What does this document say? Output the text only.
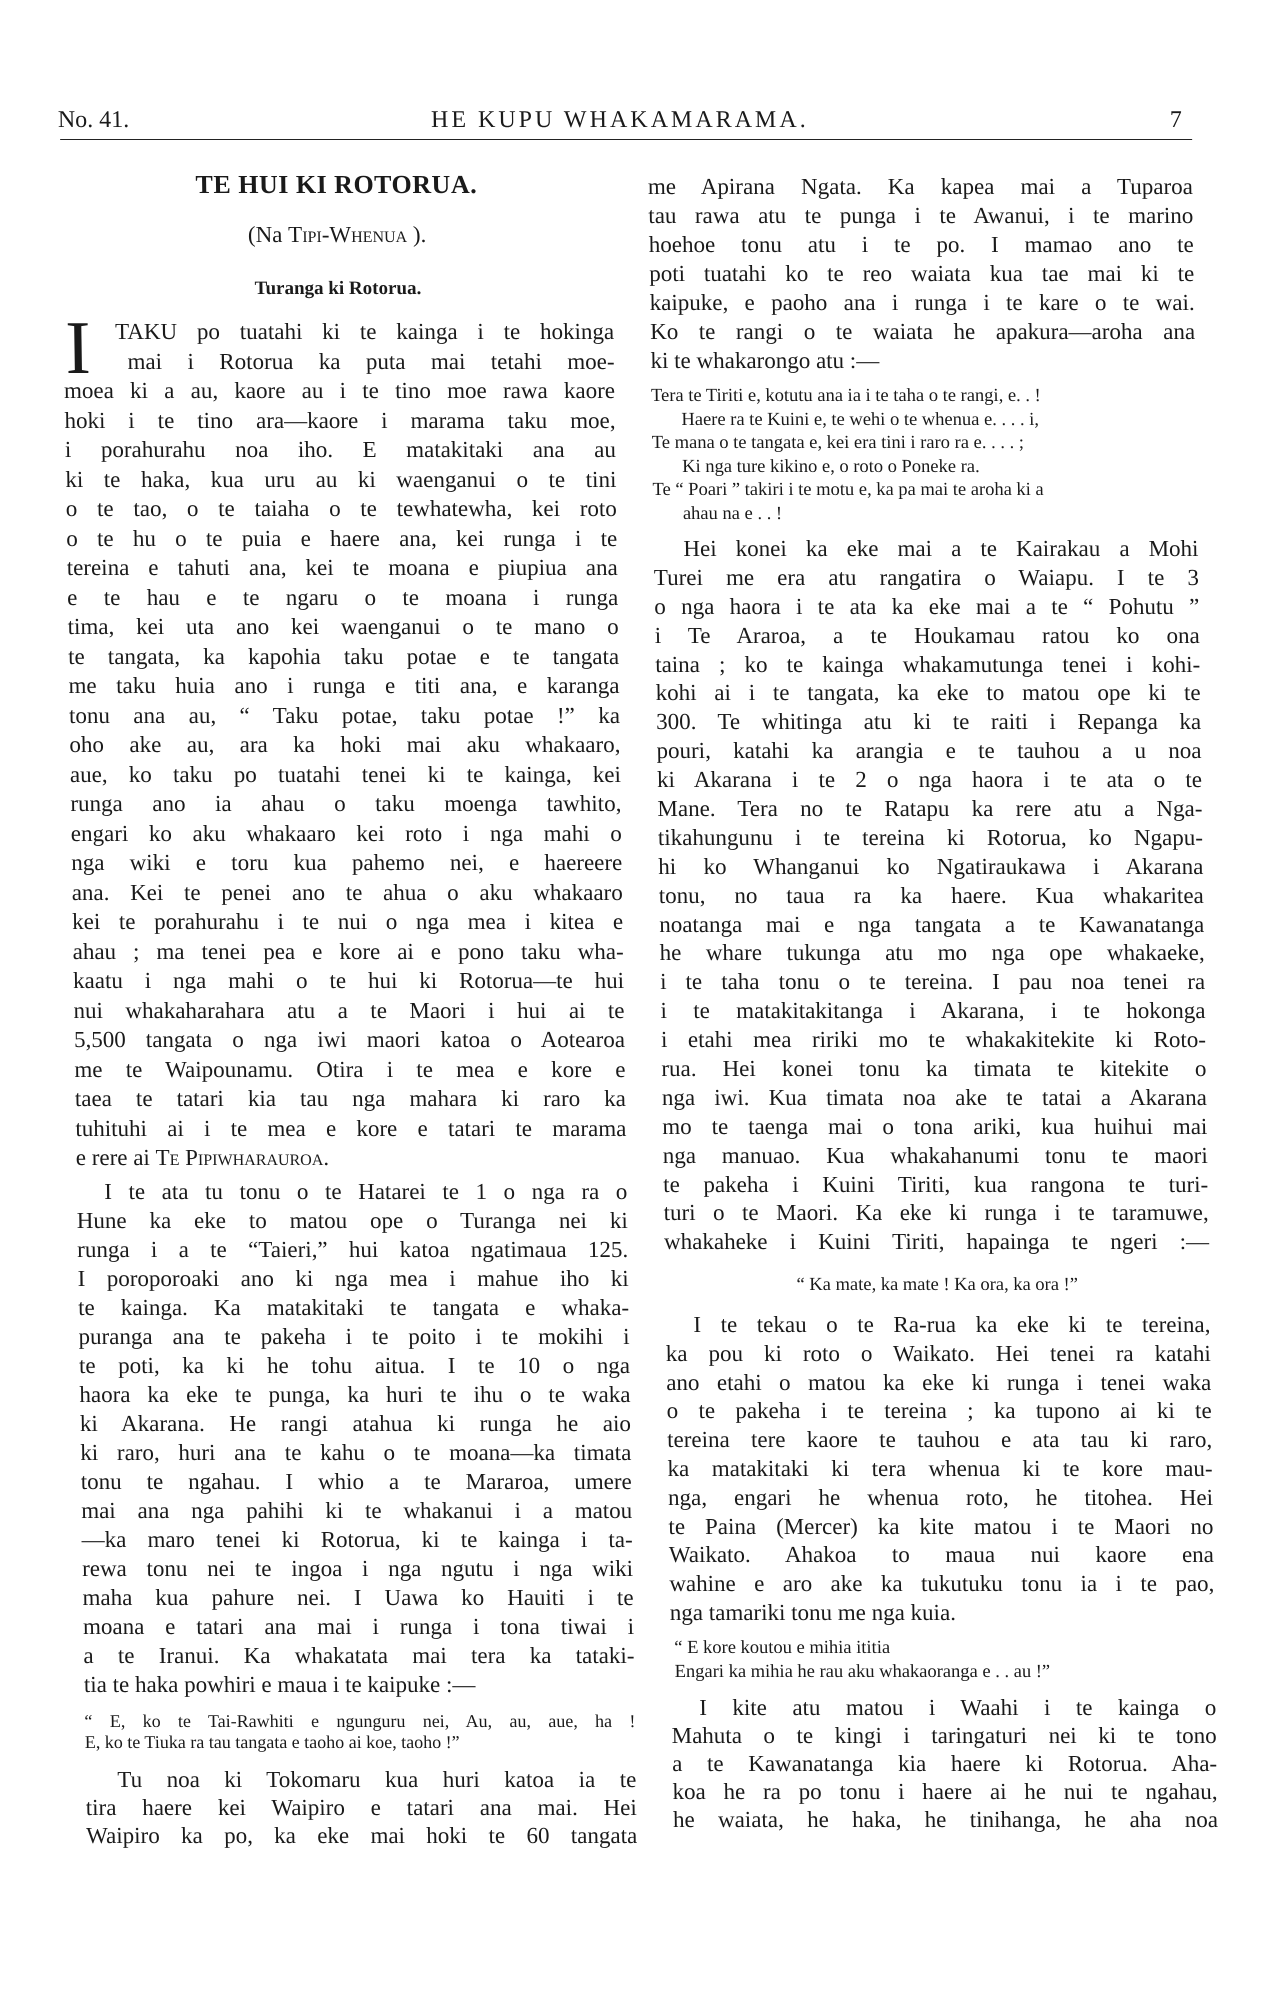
No. 41.	HE KUPU WHAKAMARAMA.	7
TE HUI KI ROTORUA.
(Na Tipi-Whenua ).
Turanga ki Rotorua.
I	TAKU po tuatahi ki te kainga i te hokinga
mai i Rotorua ka puta mai tetahi moe-
moea ki a au, kaore au i te tino moe rawa kaore
hoki i te tino ara—kaore i marama taku moe,
i porahurahu noa iho. E matakitaki ana au
ki te haka, kua uru au ki waenganui o te tini
o te tao, o te taiaha o te tewhatewha, kei roto
o te hu o te puia e haere ana, kei runga i te
tereina e tahuti ana, kei te moana e piupiua ana
e te hau e te ngaru o te moana i runga
tima, kei uta ano kei waenganui o te mano o
te tangata, ka kapohia taku potae e te tangata
me taku huia ano i runga e titi ana, e karanga
tonu ana au, “ Taku potae, taku potae !” ka
oho ake au, ara ka hoki mai aku whakaaro,
aue, ko taku po tuatahi tenei ki te kainga, kei
runga ano ia ahau o taku moenga tawhito,
engari ko aku whakaaro kei roto i nga mahi o
nga wiki e toru kua pahemo nei, e haereere
ana. Kei te penei ano te ahua o aku whakaaro
kei te porahurahu i te nui o nga mea i kitea e
ahau ; ma tenei pea e kore ai e pono taku wha-
kaatu i nga mahi o te hui ki Rotorua—te hui
nui whakaharahara atu a te Maori i hui ai te
5,500 tangata o nga iwi maori katoa o Aotearoa
me te Waipounamu. Otira i te mea e kore e
taea te tatari kia tau nga mahara ki raro ka
tuhituhi ai i te mea e kore e tatari te marama
e rere ai Te Pipiwharauroa.
I te ata tu tonu o te Hatarei te 1 o nga ra o
Hune ka eke to matou ope o Turanga nei ki
runga i a te “Taieri,” hui katoa ngatimaua 125.
I poroporoaki ano ki nga mea i mahue iho ki
te kainga. Ka matakitaki te tangata e whaka-
puranga ana te pakeha i te poito i te mokihi i
te poti, ka ki he tohu aitua. I te 10 o nga
haora ka eke te punga, ka huri te ihu o te waka
ki Akarana. He rangi atahua ki runga he aio
ki raro, huri ana te kahu o te moana—ka timata
tonu te ngahau. I whio a te Mararoa, umere
mai ana nga pahihi ki te whakanui i a matou
—ka maro tenei ki Rotorua, ki te kainga i ta-
rewa tonu nei te ingoa i nga ngutu i nga wiki
maha kua pahure nei. I Uawa ko Hauiti i te
moana e tatari ana mai i runga i tona tiwai i
a te Iranui. Ka whakatata mai tera ka tataki-
tia te haka powhiri e maua i te kaipuke :—
“ E, ko te Tai-Rawhiti e ngunguru nei, Au, au, aue, ha !
E, ko te Tiuka ra tau tangata e taoho ai koe, taoho !”
Tu noa ki Tokomaru kua huri katoa ia te
tira haere kei Waipiro e tatari ana mai. Hei
Waipiro ka po, ka eke mai hoki te 60 tangata
me Apirana Ngata. Ka kapea mai a Tuparoa
tau rawa atu te punga i te Awanui, i te marino
hoehoe tonu atu i te po. I mamao ano te
poti tuatahi ko te reo waiata kua tae mai ki te
kaipuke, e paoho ana i runga i te kare o te wai.
Ko te rangi o te waiata he apakura—aroha ana
ki te whakarongo atu :—
Tera te Tiriti e, kotutu ana ia i te taha o te rangi, e. . !
Haere ra te Kuini e, te wehi o te whenua e. . . . i,
Te mana o te tangata e, kei era tini i raro ra e. . . . ;
Ki nga ture kikino e, o roto o Poneke ra.
Te “ Poari ” takiri i te motu e, ka pa mai te aroha ki a
ahau na e . . !
Hei konei ka eke mai a te Kairakau a Mohi
Turei me era atu rangatira o Waiapu. I te 3
o nga haora i te ata ka eke mai a te “ Pohutu ”
i Te Araroa, a te Houkamau ratou ko ona
taina ; ko te kainga whakamutunga tenei i kohi-
kohi ai i te tangata, ka eke to matou ope ki te
300. Te whitinga atu ki te raiti i Repanga ka
pouri, katahi ka arangia e te tauhou a u noa
ki Akarana i te 2 o nga haora i te ata o te
Mane. Tera no te Ratapu ka rere atu a Nga-
tikahungunu i te tereina ki Rotorua, ko Ngapu-
hi ko Whanganui ko Ngatiraukawa i Akarana
tonu, no taua ra ka haere. Kua whakaritea
noatanga mai e nga tangata a te Kawanatanga
he whare tukunga atu mo nga ope whakaeke,
i te taha tonu o te tereina. I pau noa tenei ra
i te matakitakitanga i Akarana, i te hokonga
i etahi mea ririki mo te whakakitekite ki Roto-
rua. Hei konei tonu ka timata te kitekite o
nga iwi. Kua timata noa ake te tatai a Akarana
mo te taenga mai o tona ariki, kua huihui mai
nga manuao. Kua whakahanumi tonu te maori
te pakeha i Kuini Tiriti, kua rangona te turi-
turi o te Maori. Ka eke ki runga i te taramuwe,
whakaheke i Kuini Tiriti, hapainga te ngeri :—
“ Ka mate, ka mate ! Ka ora, ka ora !”
I te tekau o te Ra-rua ka eke ki te tereina,
ka pou ki roto o Waikato. Hei tenei ra katahi
ano etahi o matou ka eke ki runga i tenei waka
o te pakeha i te tereina ; ka tupono ai ki te
tereina tere kaore te tauhou e ata tau ki raro,
ka matakitaki ki tera whenua ki te kore mau-
nga, engari he whenua roto, he titohea. Hei
te Paina (Mercer) ka kite matou i te Maori no
Waikato. Ahakoa to maua nui kaore ena
wahine e aro ake ka tukutuku tonu ia i te pao,
nga tamariki tonu me nga kuia.
“ E kore koutou e mihia ititia
Engari ka mihia he rau aku whakaoranga e . . au !”
I kite atu matou i Waahi i te kainga o
Mahuta o te kingi i taringaturi nei ki te tono
a te Kawanatanga kia haere ki Rotorua. Aha-
koa he ra po tonu i haere ai he nui te ngahau,
he waiata, he haka, he tinihanga, he aha noa
